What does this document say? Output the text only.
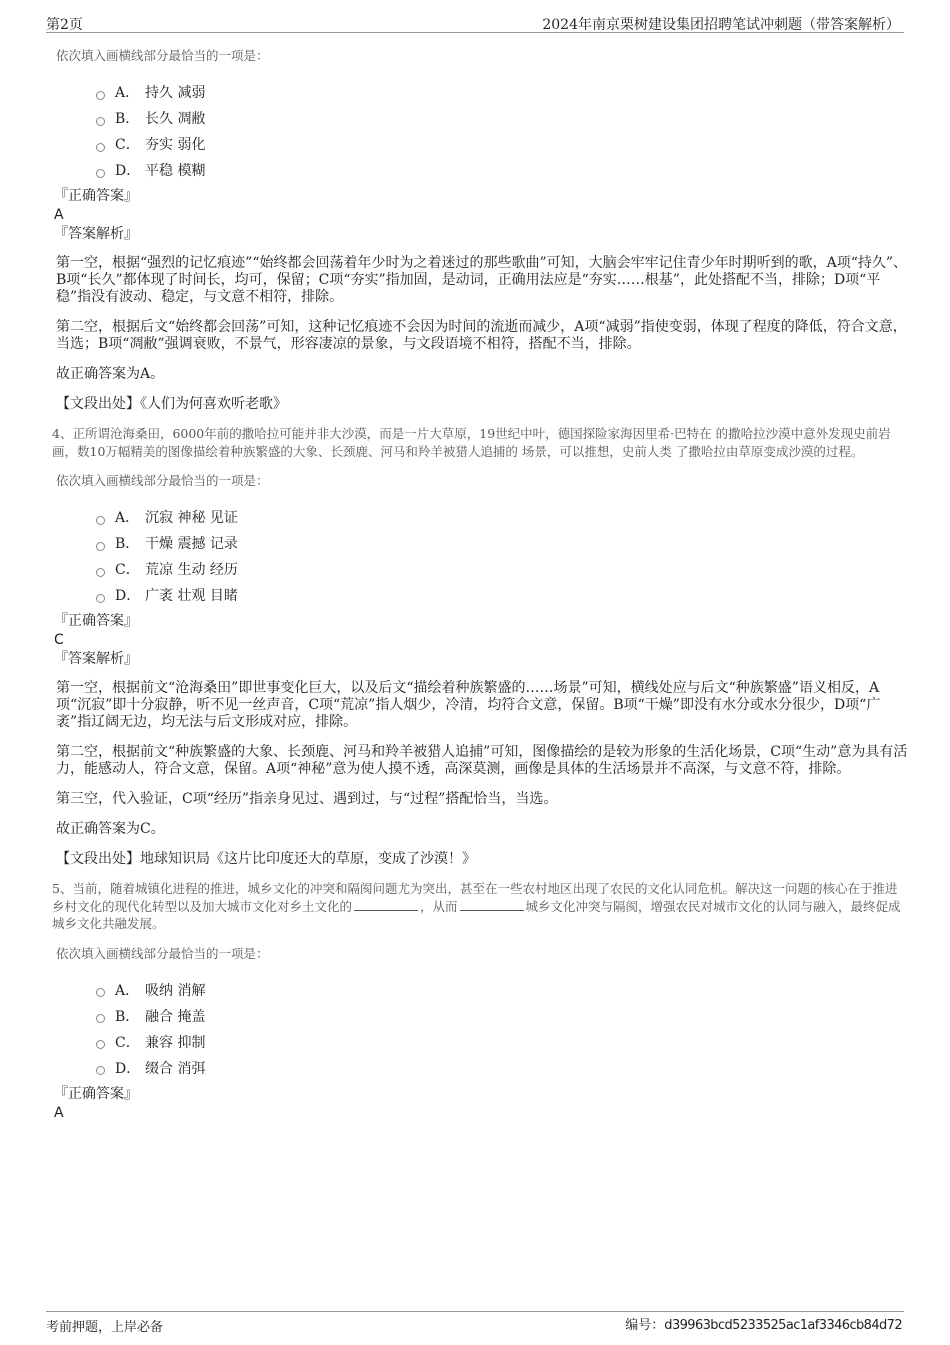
第2页	2024年南京栗树建设集团招聘笔试冲刺题（带答案解析）
依次填入画横线部分最恰当的一项是：
A． 持久 减弱
B． 长久 凋敝
C． 夯实 弱化
D． 平稳 模糊
『正确答案』
A
『答案解析』

第一空，根据“强烈的记忆痕迹”“始终都会回荡着年少时为之着迷过的那些歌曲”可知，大脑会牢牢记住青少年时期听到的歌，A项“持久”、B项“长久”都体现了时间长，均可，保留；C项“夯实”指加固，是动词，正确用法应是“夯实……根基”，此处搭配不当，排除；D项“平稳”指没有波动、稳定，与文意不相符，排除。

第二空，根据后文“始终都会回荡”可知，这种记忆痕迹不会因为时间的流逝而减少，A项“减弱”指使变弱，体现了程度的降低，符合文意，当选；B项“凋敝”强调衰败，不景气，形容凄凉的景象，与文段语境不相符，搭配不当，排除。

故正确答案为A。

【文段出处】《人们为何喜欢听老歌》

4、正所谓沧海桑田，6000年前的撒哈拉可能并非大沙漠，而是一片大草原，19世纪中叶，德国探险家海因里希·巴特在 的撒哈拉沙漠中意外发现史前岩画，数10万幅精美的图像描绘着种族繁盛的大象、长颈鹿、河马和羚羊被猎人追捕的 场景，可以推想，史前人类 了撒哈拉由草原变成沙漠的过程。
依次填入画横线部分最恰当的一项是：
A． 沉寂 神秘 见证
B． 干燥 震撼 记录
C． 荒凉 生动 经历
D． 广袤 壮观 目睹
『正确答案』
C
『答案解析』

第一空，根据前文“沧海桑田”即世事变化巨大，以及后文“描绘着种族繁盛的……场景”可知，横线处应与后文“种族繁盛”语义相反，A项“沉寂”即十分寂静，听不见一丝声音，C项“荒凉”指人烟少，冷清，均符合文意，保留。B项“干燥”即没有水分或水分很少，D项“广袤”指辽阔无边，均无法与后文形成对应，排除。

第二空，根据前文“种族繁盛的大象、长颈鹿、河马和羚羊被猎人追捕”可知，图像描绘的是较为形象的生活化场景，C项“生动”意为具有活力，能感动人，符合文意，保留。A项“神秘”意为使人摸不透，高深莫测，画像是具体的生活场景并不高深，与文意不符，排除。

第三空，代入验证，C项“经历”指亲身见过、遇到过，与“过程”搭配恰当，当选。

故正确答案为C。

【文段出处】地球知识局《这片比印度还大的草原，变成了沙漠！》

5、当前，随着城镇化进程的推进，城乡文化的冲突和隔阂问题尤为突出，甚至在一些农村地区出现了农民的文化认同危机。解决这一问题的核心在于推进乡村文化的现代化转型以及加大城市文化对乡土文化的	，从而	城乡文化冲突与隔阂，增强农民对城市文化的认同与融入，最终促成城乡文化共融发展。
依次填入画横线部分最恰当的一项是：
A． 吸纳 消解
B． 融合 掩盖
C． 兼容 抑制
D． 缀合 消弭
『正确答案』
A
考前押题，上岸必备	编号：d39963bcd5233525ac1af3346cb84d72
